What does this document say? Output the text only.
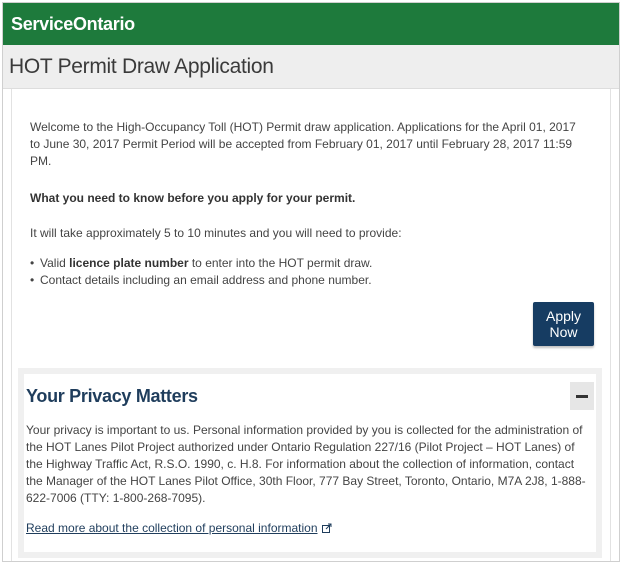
ServiceOntario
HOT Permit Draw Application

Welcome to the High-Occupancy Toll (HOT) Permit draw application. Applications for the April 01, 2017 to June 30, 2017 Permit Period will be accepted from February 01, 2017 until February 28, 2017 11:59 PM.

What you need to know before you apply for your permit.

It will take approximately 5 to 10 minutes and you will need to provide:

• Valid licence plate number to enter into the HOT permit draw.
• Contact details including an email address and phone number.
Apply Now
Your Privacy Matters

Your privacy is important to us. Personal information provided by you is collected for the administration of the HOT Lanes Pilot Project authorized under Ontario Regulation 227/16 (Pilot Project – HOT Lanes) of the Highway Traffic Act, R.S.O. 1990, c. H.8. For information about the collection of information, contact the Manager of the HOT Lanes Pilot Office, 30th Floor, 777 Bay Street, Toronto, Ontario, M7A 2J8, 1-888-622-7006 (TTY: 1-800-268-7095).

Read more about the collection of personal information
